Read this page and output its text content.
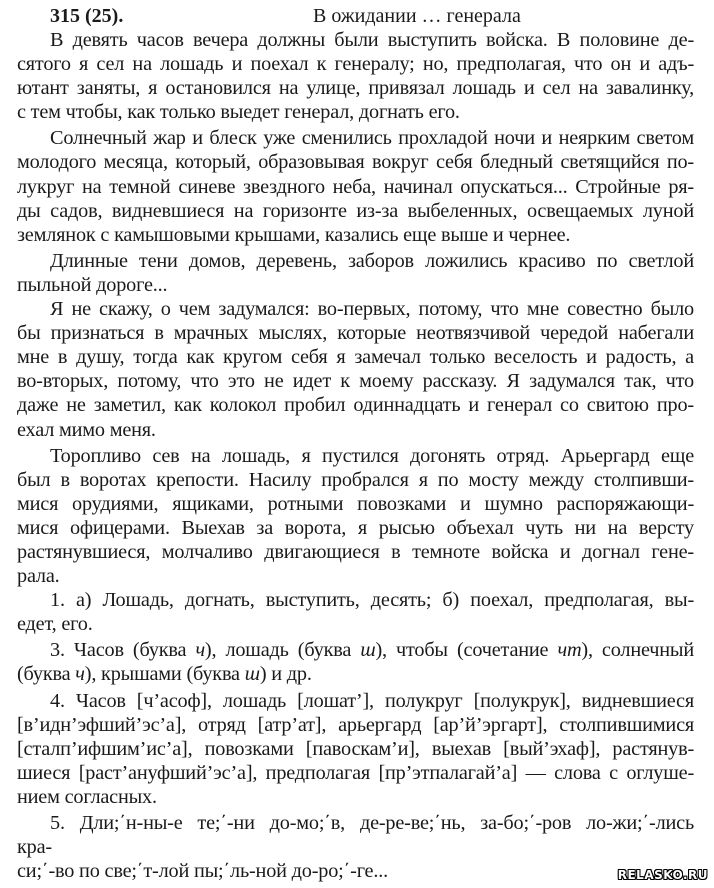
315 (25).	В ожидании … генерала
В девять часов вечера должны были выступить войска. В половине де-
сятого я сел на лошадь и поехал к генералу; но, предполагая, что он и адъ-
ютант заняты, я остановился на улице, привязал лошадь и сел на завалинку,
с тем чтобы, как только выедет генерал, догнать его.
Солнечный жар и блеск уже сменились прохладой ночи и неярким светом
молодого месяца, который, образовывая вокруг себя бледный светящийся по-
лукруг на темной синеве звездного неба, начинал опускаться... Стройные ря-
ды садов, видневшиеся на горизонте из-за выбеленных, освещаемых луной
землянок с камышовыми крышами, казались еще выше и чернее.
Длинные тени домов, деревень, заборов ложились красиво по светлой
пыльной дороге...
Я не скажу, о чем задумался: во-первых, потому, что мне совестно было
бы признаться в мрачных мыслях, которые неотвязчивой чередой набегали
мне в душу, тогда как кругом себя я замечал только веселость и радость, а
во-вторых, потому, что это не идет к моему рассказу. Я задумался так, что
даже не заметил, как колокол пробил одиннадцать и генерал со свитою про-
ехал мимо меня.
Торопливо сев на лошадь, я пустился догонять отряд. Арьергард еще
был в воротах крепости. Насилу пробрался я по мосту между столпивши-
мися орудиями, ящиками, ротными повозками и шумно распоряжающи-
мися офицерами. Выехав за ворота, я рысью объехал чуть ни на версту
растянувшиеся, молчаливо двигающиеся в темноте войска и догнал гене-
рала.
1. а) Лошадь, догнать, выступить, десять; б) поехал, предполагая, вы-
едет, его.
3. Часов (буква ч), лошадь (буква ш), чтобы (сочетание чт), солнечный
(буква ч), крышами (буква ш) и др.
4. Часов [ч’асоф], лошадь [лошат’], полукруг [полукрук], видневшиеся
[в’идн’эфший’эс’а], отряд [атр’ат], арьергард [ар’й’эргарт], столпившимися
[сталп’ифшим’ис’а], повозками [павоскам’и], выехав [вый’эхаф], растянув-
шиеся [раст’ануфший’эс’а], предполагая [пр’этпалагай’а] — слова с оглуше-
нием согласных.
5. Дли;΄н-ны-е те;΄-ни до-мо;΄в, де-ре-ве;΄нь, за-бо;΄-ров ло-жи;΄-лись
кра-
си;΄-во по све;΄т-лой пы;΄ль-ной до-ро;΄-ге...	RELASKO.RU
